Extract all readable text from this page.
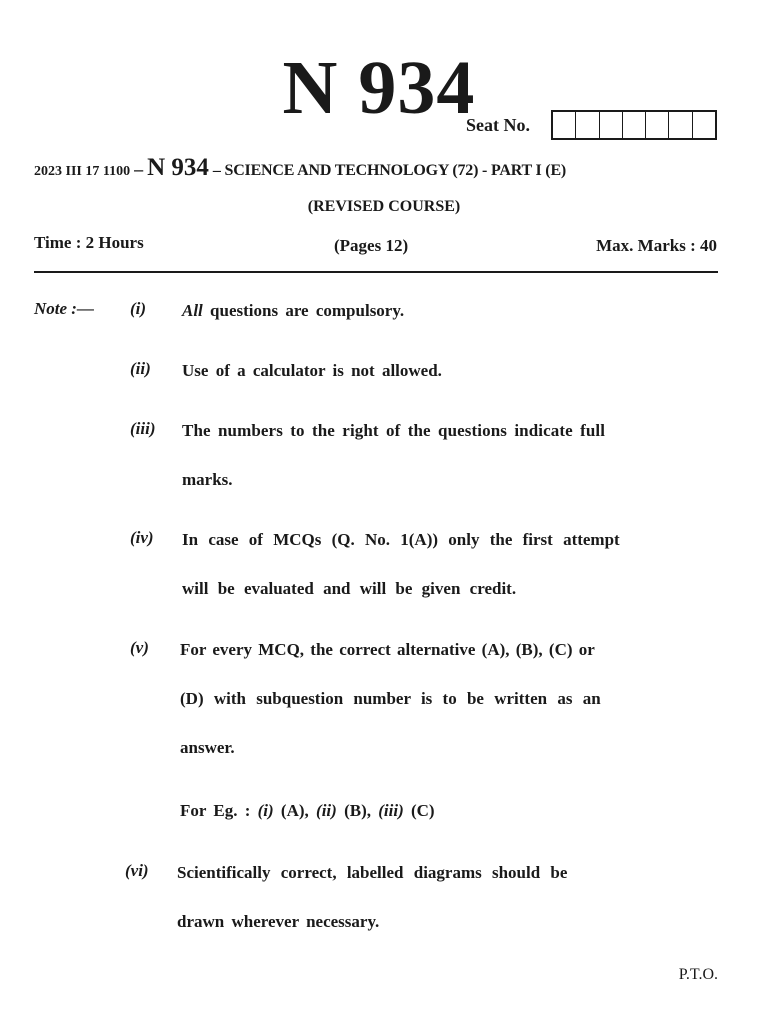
N 934
Seat No.
2023 III 17 1100 – N 934 – SCIENCE AND TECHNOLOGY (72) - PART I (E)
(REVISED COURSE)
Time : 2 Hours	(Pages 12)	Max. Marks : 40
Note :— (i) All questions are compulsory.
(ii) Use of a calculator is not allowed.
(iii) The numbers to the right of the questions indicate full
marks.
(iv) In case of MCQs (Q. No. 1(A)) only the first attempt
will be evaluated and will be given credit.
(v) For every MCQ, the correct alternative (A), (B), (C) or
(D) with subquestion number is to be written as an
answer.
For Eg. : (i) (A), (ii) (B), (iii) (C)
(vi) Scientifically correct, labelled diagrams should be
drawn wherever necessary.
P.T.O.
